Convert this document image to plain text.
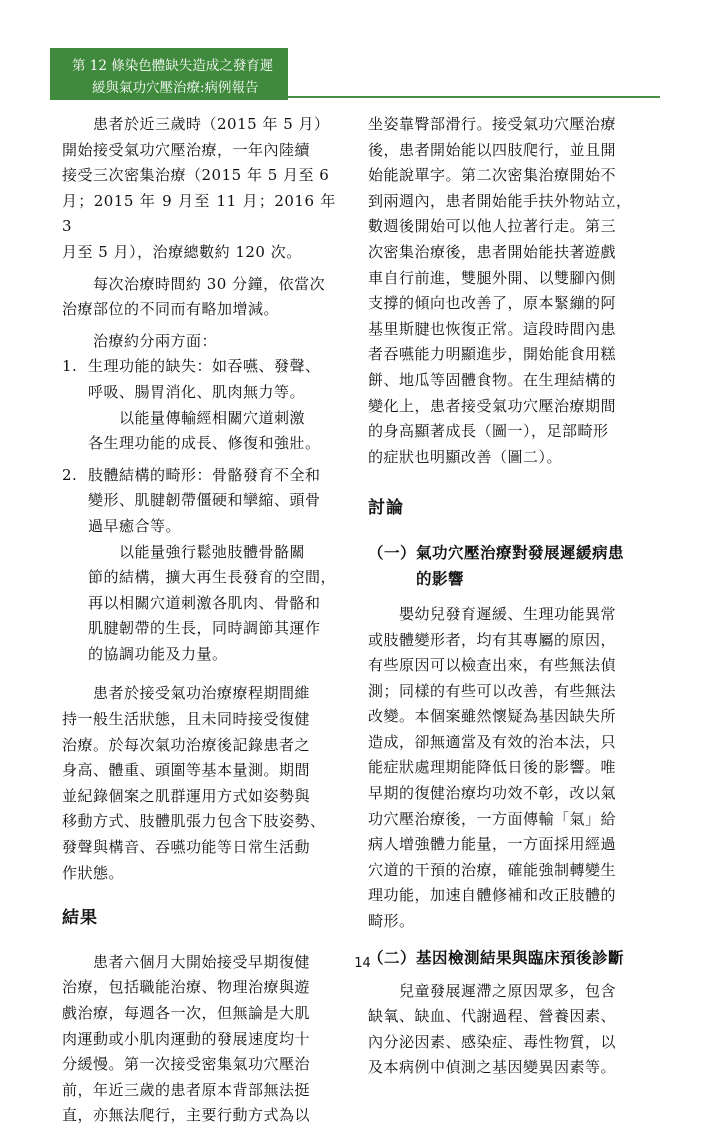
第 12 條染色體缺失造成之發育遲
緩與氣功穴壓治療:病例報告

　　患者於近三歲時（2015 年 5 月）
開始接受氣功穴壓治療，一年內陸續
接受三次密集治療（2015 年 5 月至 6
月；2015 年 9 月至 11 月；2016 年 3
月至 5 月），治療總數約 120 次。

　　每次治療時間約 30 分鐘，依當次
治療部位的不同而有略加增減。

　　治療約分兩方面：

1. 生理功能的缺失：如吞嚥、發聲、
呼吸、腸胃消化、肌肉無力等。
　　以能量傳輸經相關穴道刺激
各生理功能的成長、修復和強壯。
2. 肢體結構的畸形：骨骼發育不全和
變形、肌腱韌帶僵硬和攣縮、頭骨
過早癒合等。
　　以能量強行鬆弛肢體骨骼關
節的結構，擴大再生長發育的空間，
再以相關穴道刺激各肌肉、骨骼和
肌腱韌帶的生長，同時調節其運作
的協調功能及力量。

　　患者於接受氣功治療療程期間維
持一般生活狀態，且未同時接受復健
治療。於每次氣功治療後記錄患者之
身高、體重、頭圍等基本量測。期間
並紀錄個案之肌群運用方式如姿勢與
移動方式、肢體肌張力包含下肢姿勢、
發聲與構音、吞嚥功能等日常生活動
作狀態。

結果

　　患者六個月大開始接受早期復健
治療，包括職能治療、物理治療與遊
戲治療，每週各一次，但無論是大肌
肉運動或小肌肉運動的發展速度均十
分緩慢。第一次接受密集氣功穴壓治
前，年近三歲的患者原本背部無法挺
直，亦無法爬行，主要行動方式為以

坐姿靠臀部滑行。接受氣功穴壓治療
後，患者開始能以四肢爬行，並且開
始能說單字。第二次密集治療開始不
到兩週內，患者開始能手扶外物站立，
數週後開始可以他人拉著行走。第三
次密集治療後，患者開始能扶著遊戲
車自行前進，雙腿外開、以雙腳內側
支撐的傾向也改善了，原本緊繃的阿
基里斯腱也恢復正常。這段時間內患
者吞嚥能力明顯進步，開始能食用糕
餅、地瓜等固體食物。在生理結構的
變化上，患者接受氣功穴壓治療期間
的身高顯著成長（圖一），足部畸形
的症狀也明顯改善（圖二）。

討論
（一）氣功穴壓治療對發展遲緩病患
　　　的影響

　　嬰幼兒發育遲緩、生理功能異常
或肢體變形者，均有其專屬的原因，
有些原因可以檢查出來，有些無法偵
測；同樣的有些可以改善，有些無法
改變。本個案雖然懷疑為基因缺失所
造成，卻無適當及有效的治本法，只
能症狀處理期能降低日後的影響。唯
早期的復健治療均功效不彰，改以氣
功穴壓治療後，一方面傳輸「氣」給
病人增強體力能量，一方面採用經過
穴道的干預的治療，確能強制轉變生
理功能，加速自體修補和改正肢體的
畸形。

（二）基因檢測結果與臨床預後診斷

　　兒童發展遲滯之原因眾多，包含
缺氧、缺血、代謝過程、營養因素、
內分泌因素、感染症、毒性物質，以
及本病例中偵測之基因變異因素等。

14
